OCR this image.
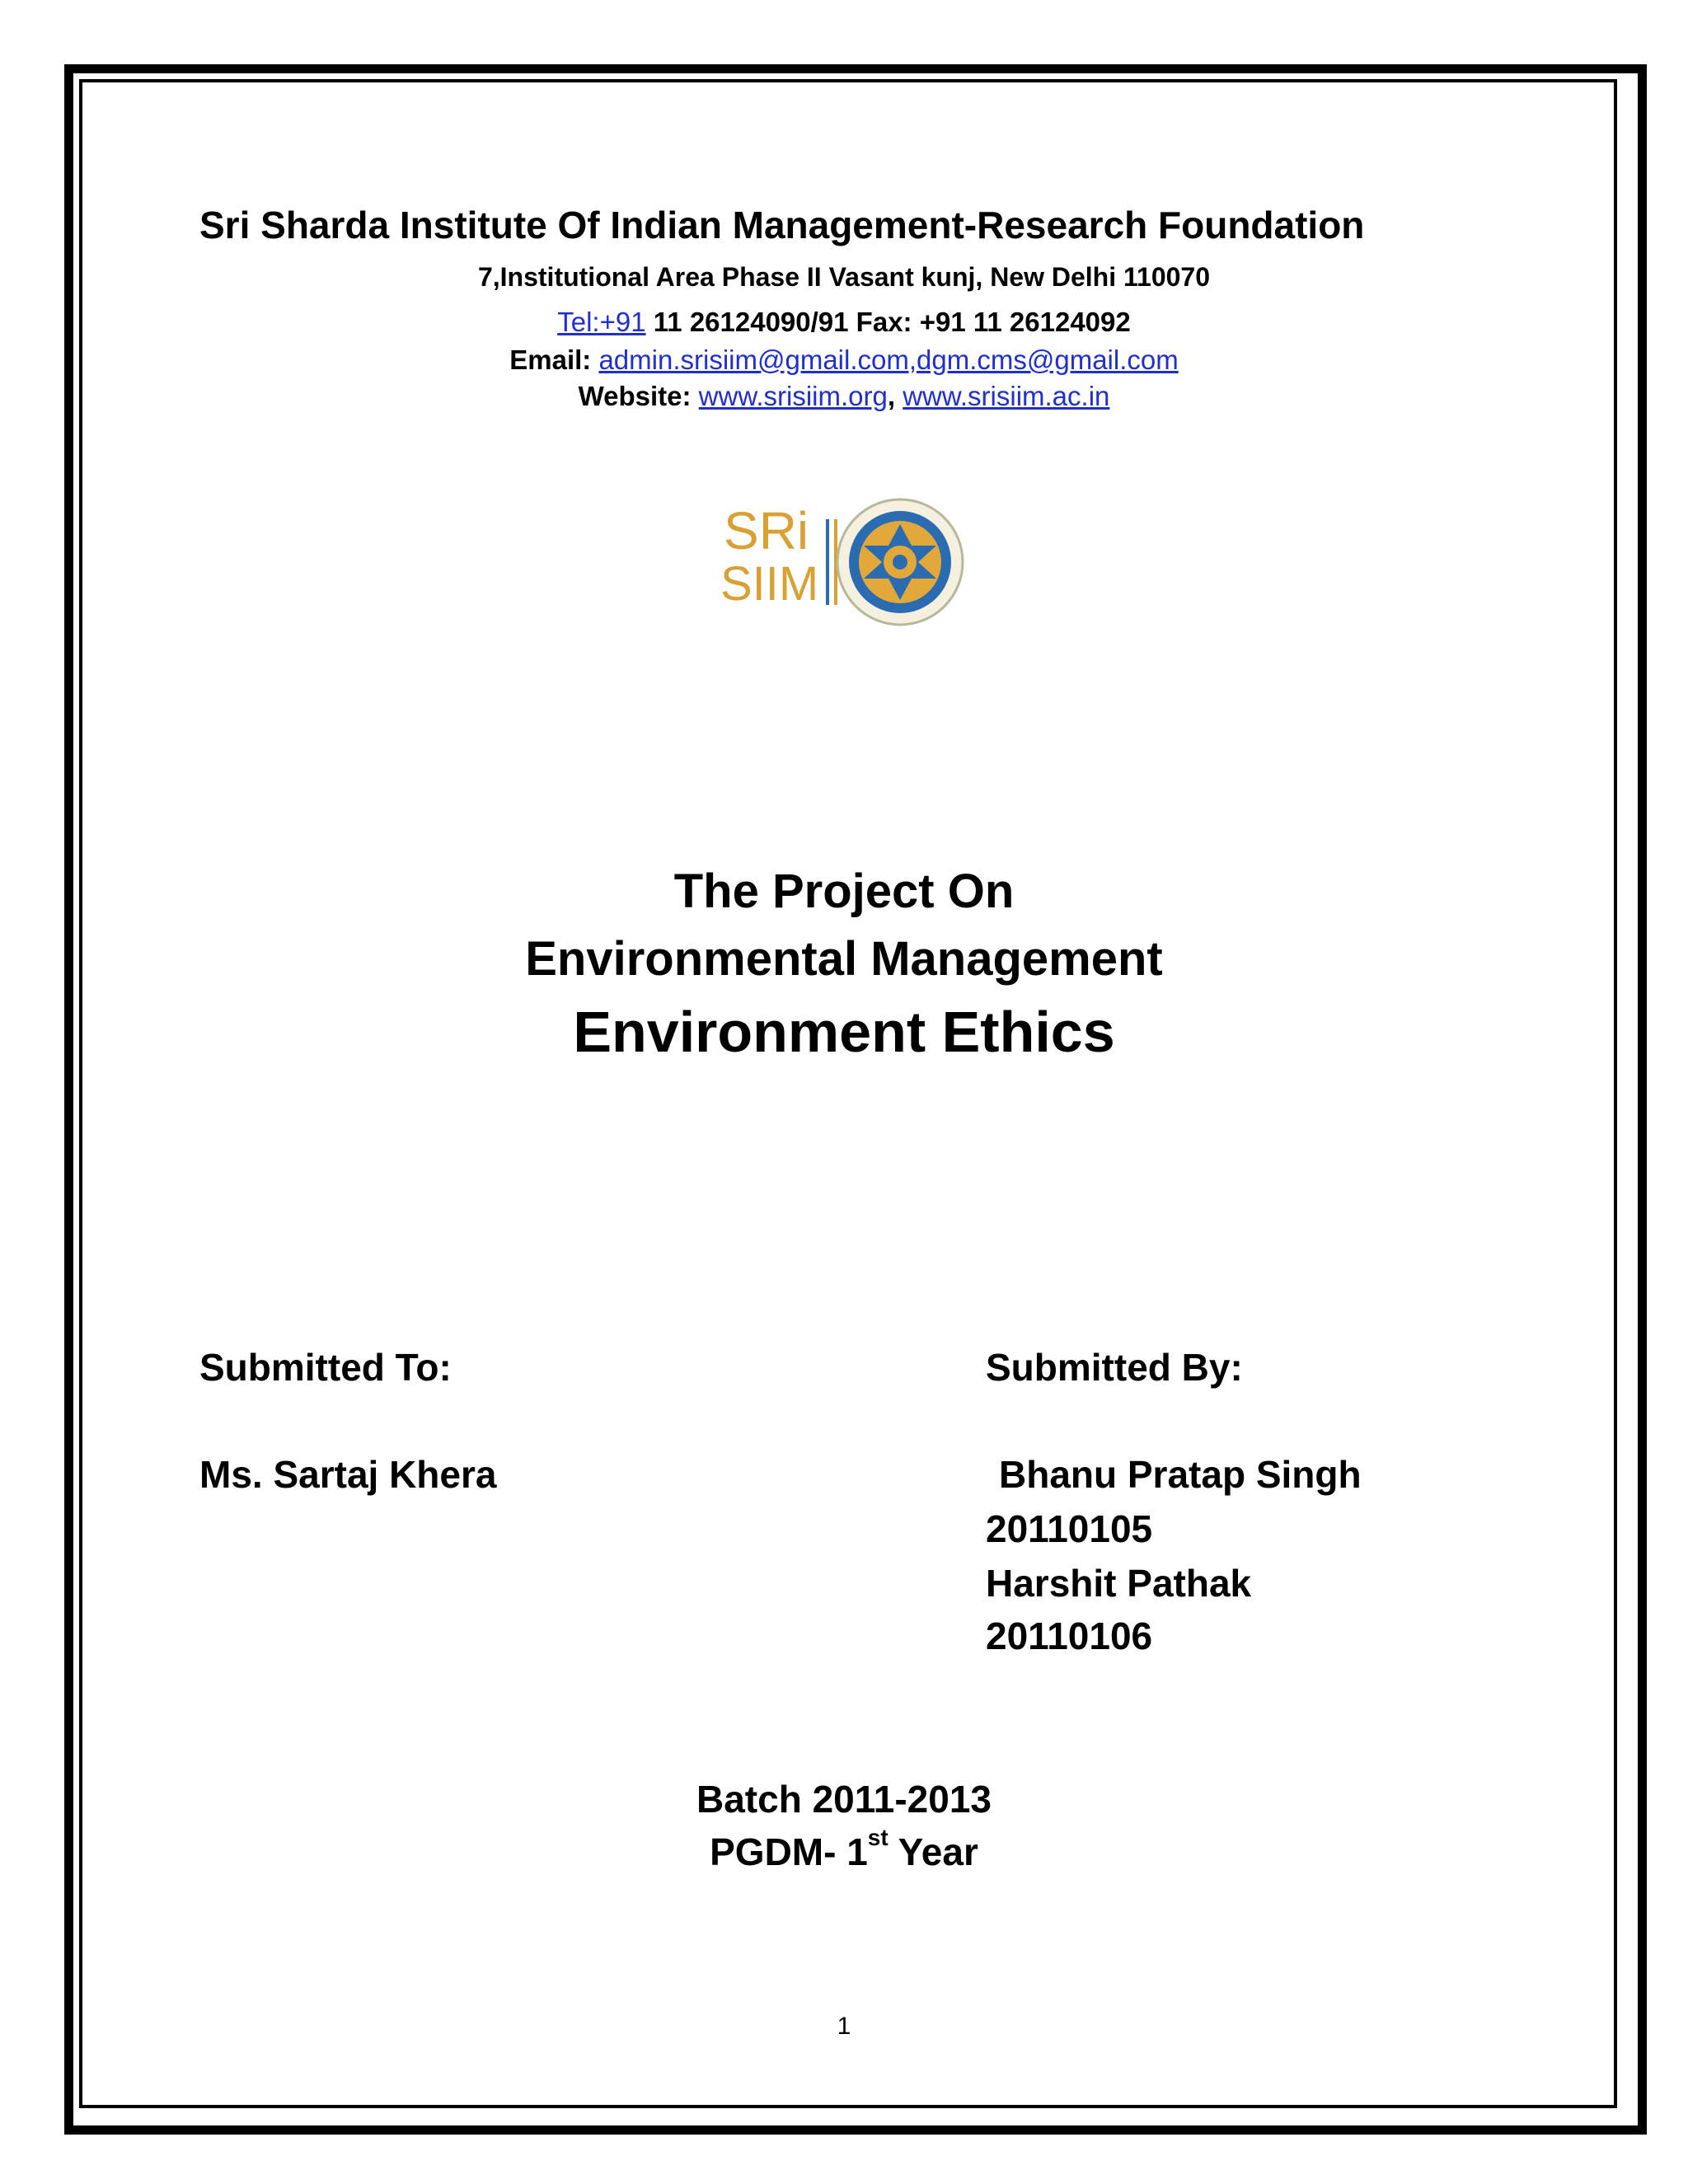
Sri Sharda Institute Of Indian Management-Research Foundation
7,Institutional Area Phase II Vasant kunj, New Delhi 110070
Tel:+91 11 26124090/91 Fax: +91 11 26124092
Email: admin.srisiim@gmail.com,dgm.cms@gmail.com
Website: www.srisiim.org, www.srisiim.ac.in
SRi
SIIM
The Project On
Environmental Management
Environment Ethics
Submitted To:	Submitted By:
Ms. Sartaj Khera	Bhanu Pratap Singh
20110105
Harshit Pathak
20110106
Batch 2011-2013
PGDM- 1st Year
1
